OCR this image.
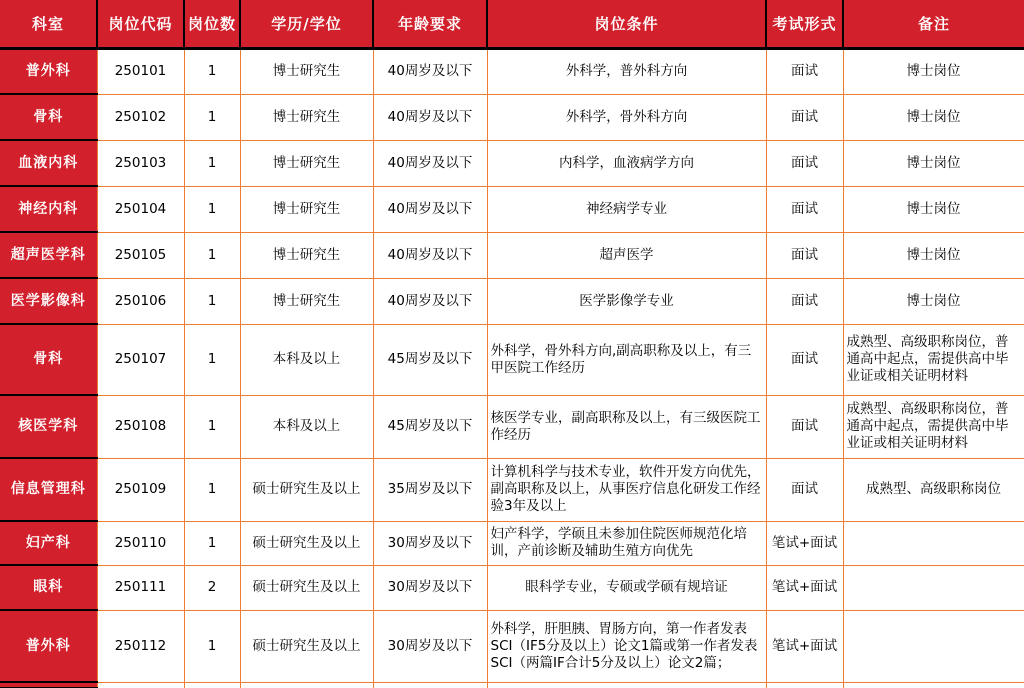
科室	岗位代码	岗位数	学历/学位	年龄要求	岗位条件	考试形式	备注
普外科	250101	1	博士研究生	40周岁及以下	外科学，普外科方向	面试	博士岗位
骨科	250102	1	博士研究生	40周岁及以下	外科学，骨外科方向	面试	博士岗位
血液内科	250103	1	博士研究生	40周岁及以下	内科学，血液病学方向	面试	博士岗位
神经内科	250104	1	博士研究生	40周岁及以下	神经病学专业	面试	博士岗位
超声医学科	250105	1	博士研究生	40周岁及以下	超声医学	面试	博士岗位
医学影像科	250106	1	博士研究生	40周岁及以下	医学影像学专业	面试	博士岗位
骨科	250107	1	本科及以上	45周岁及以下	外科学，骨外科方向,副高职称及以上，有三甲医院工作经历	面试	成熟型、高级职称岗位，普通高中起点，需提供高中毕业证或相关证明材料
核医学科	250108	1	本科及以上	45周岁及以下	核医学专业，副高职称及以上，有三级医院工作经历	面试	成熟型、高级职称岗位，普通高中起点，需提供高中毕业证或相关证明材料
信息管理科	250109	1	硕士研究生及以上	35周岁及以下	计算机科学与技术专业，软件开发方向优先，副高职称及以上，从事医疗信息化研发工作经验3年及以上	面试	成熟型、高级职称岗位
妇产科	250110	1	硕士研究生及以上	30周岁及以下	妇产科学，学硕且未参加住院医师规范化培训，产前诊断及辅助生殖方向优先	笔试+面试	
眼科	250111	2	硕士研究生及以上	30周岁及以下	眼科学专业，专硕或学硕有规培证	笔试+面试	
普外科	250112	1	硕士研究生及以上	30周岁及以下	外科学，肝胆胰、胃肠方向，第一作者发表SCI（IF5分及以上）论文1篇或第一作者发表SCI（两篇IF合计5分及以上）论文2篇；	笔试+面试	
